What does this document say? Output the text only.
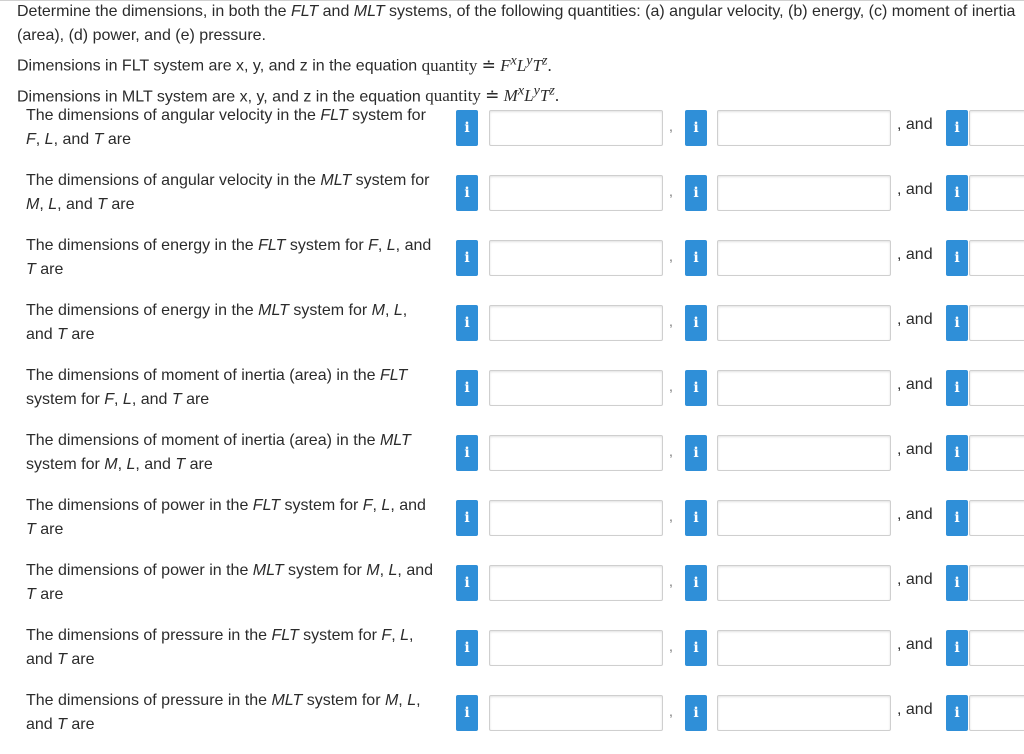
Determine the dimensions, in both the FLT and MLT systems, of the following quantities: (a) angular velocity, (b) energy, (c) moment of inertia (area), (d) power, and (e) pressure.

Dimensions in FLT system are x, y, and z in the equation quantity ≐ $F^xL^yT^z$.

Dimensions in MLT system are x, y, and z in the equation quantity ≐ $M^xL^yT^z$.

The dimensions of angular velocity in the FLT system for F, L, and T are
i	i	i
,	, and
The dimensions of angular velocity in the MLT system for M, L, and T are
i	i	i
,	, and
The dimensions of energy in the FLT system for F, L, and T are
i	i	i
,	, and
The dimensions of energy in the MLT system for M, L, and T are
i	i	i
,	, and
The dimensions of moment of inertia (area) in the FLT system for F, L, and T are
i	i	i
,	, and
The dimensions of moment of inertia (area) in the MLT system for M, L, and T are
i	i	i
,	, and
The dimensions of power in the FLT system for F, L, and T are
i	i	i
,	, and
The dimensions of power in the MLT system for M, L, and T are
i	i	i
,	, and
The dimensions of pressure in the FLT system for F, L, and T are
i	i	i
,	, and
The dimensions of pressure in the MLT system for M, L, and T are
i	i	i
,	, and
